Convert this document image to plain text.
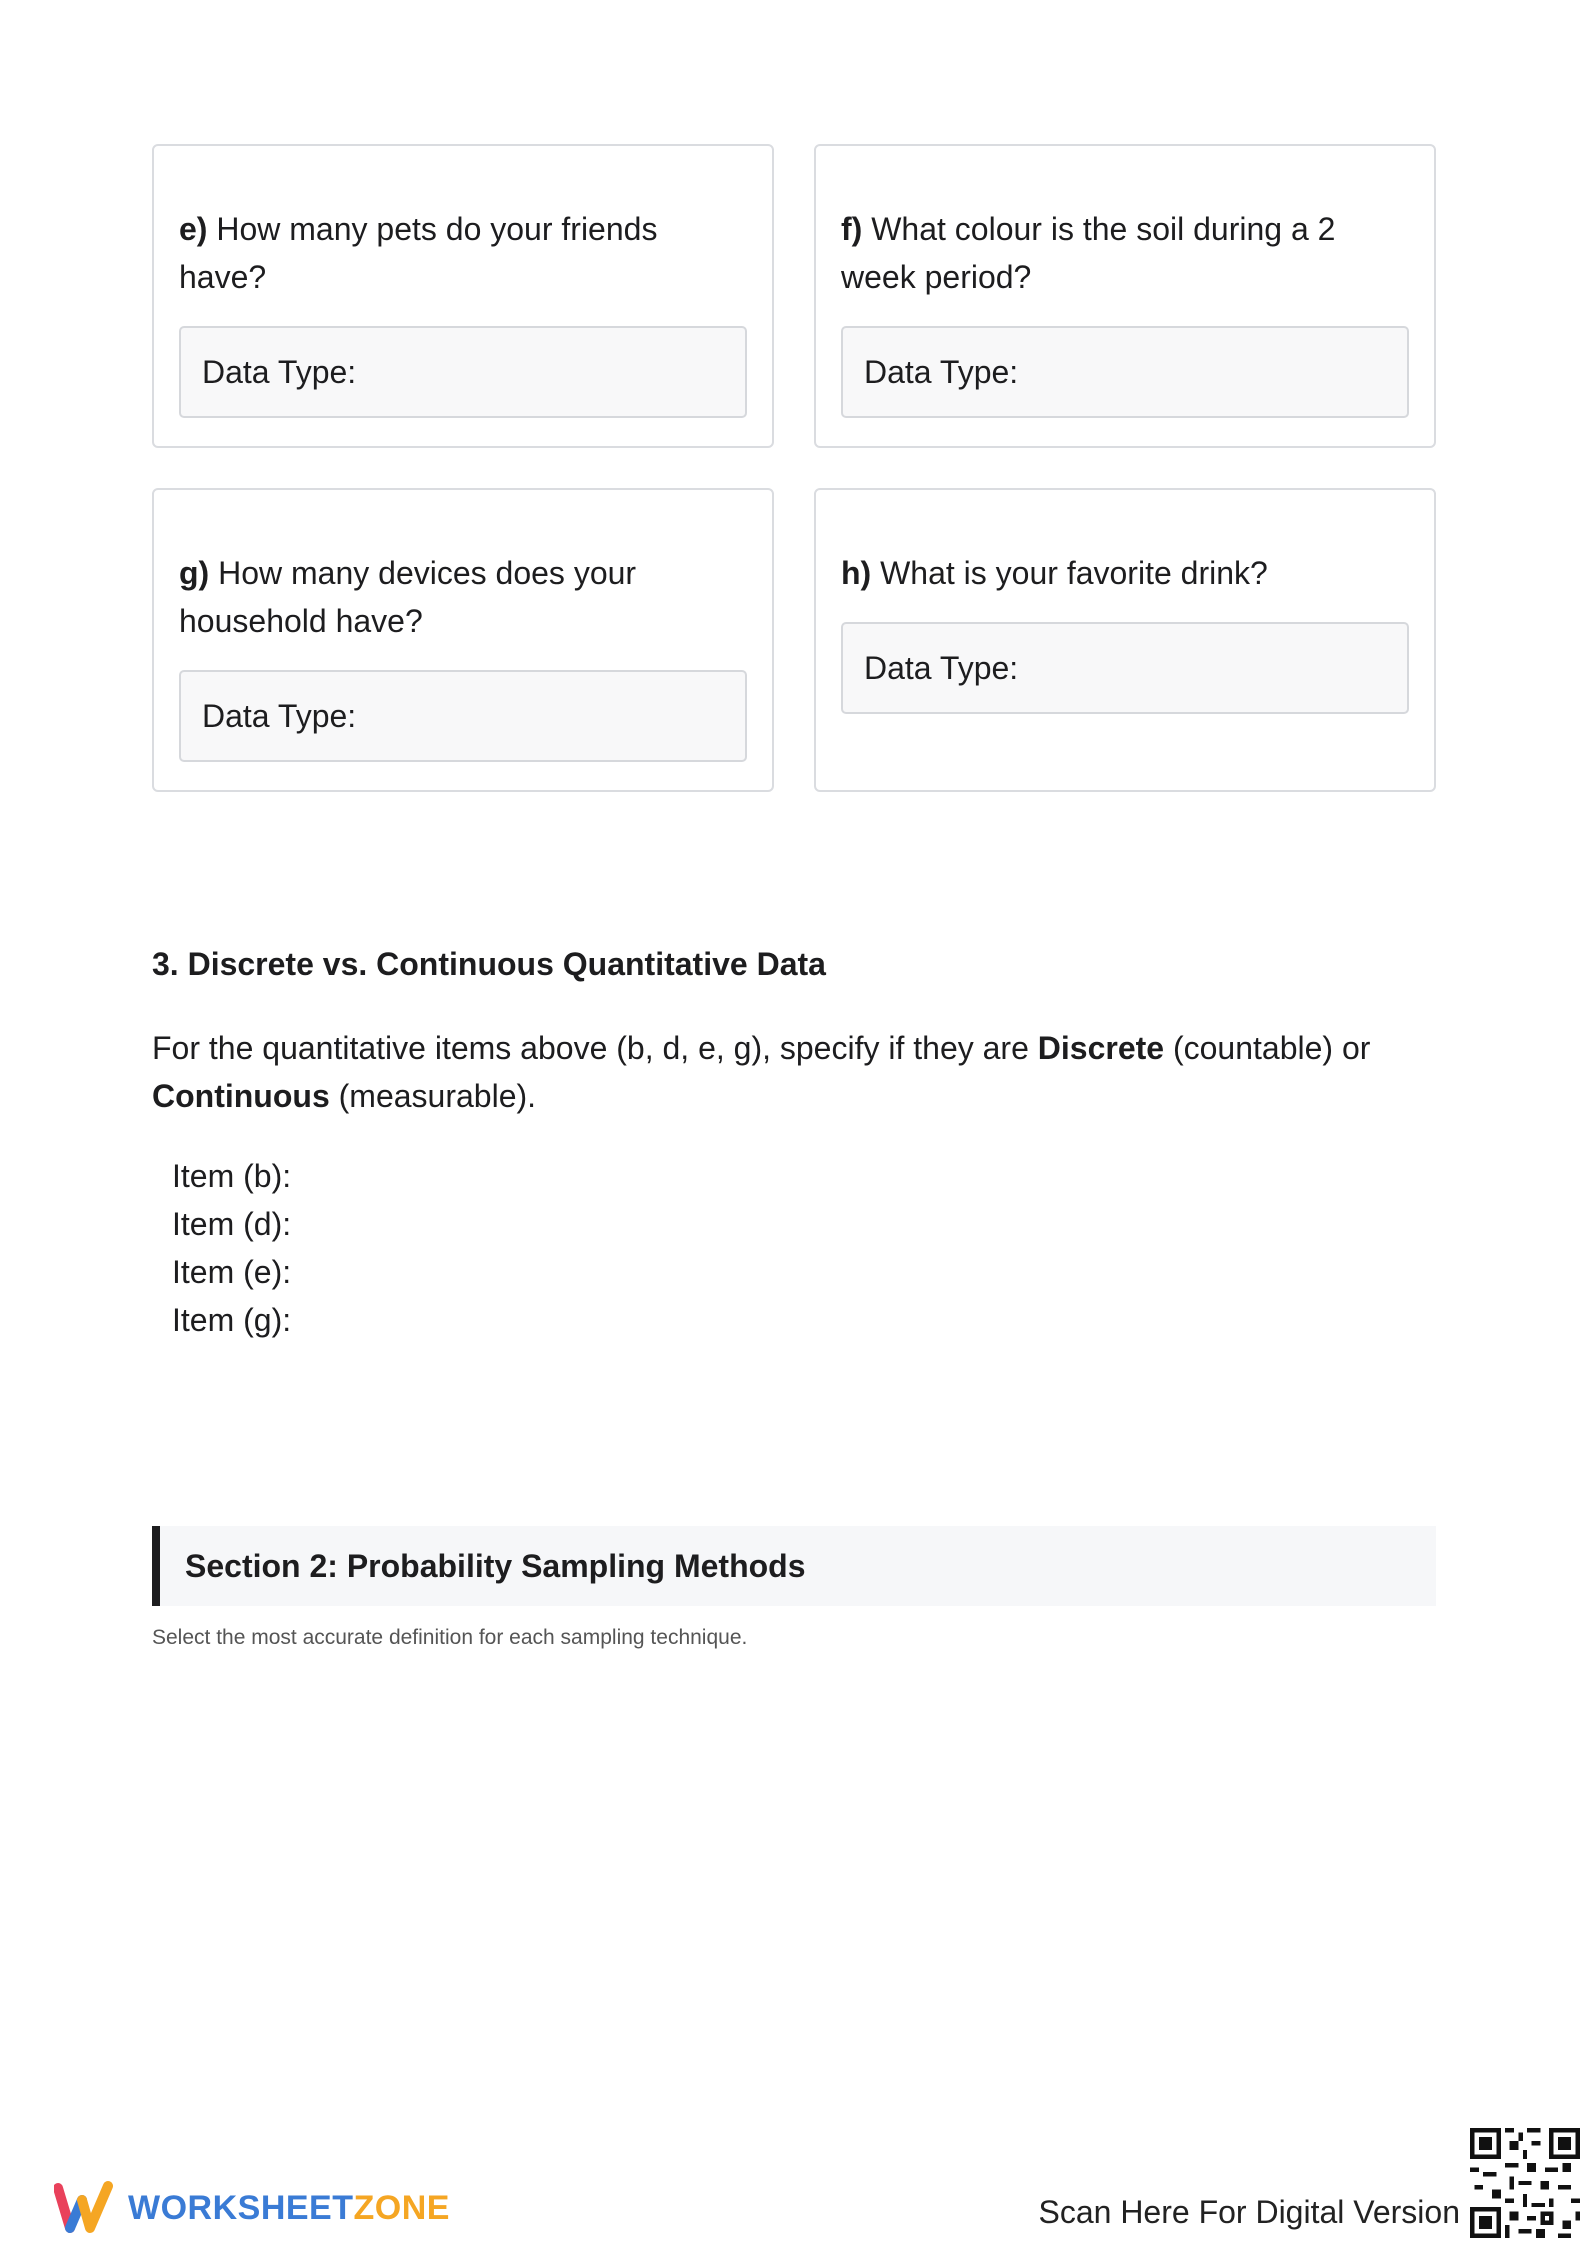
e) How many pets do your friends have?

Data Type:

f) What colour is the soil during a 2 week period?

Data Type:

g) How many devices does your household have?

Data Type:

h) What is your favorite drink?

Data Type:
3. Discrete vs. Continuous Quantitative Data

For the quantitative items above (b, d, e, g), specify if they are Discrete (countable) or Continuous (measurable).

Item (b):
Item (d):
Item (e):
Item (g):
Section 2: Probability Sampling Methods

Select the most accurate definition for each sampling technique.

WORKSHEETZONE	Scan Here For Digital Version
